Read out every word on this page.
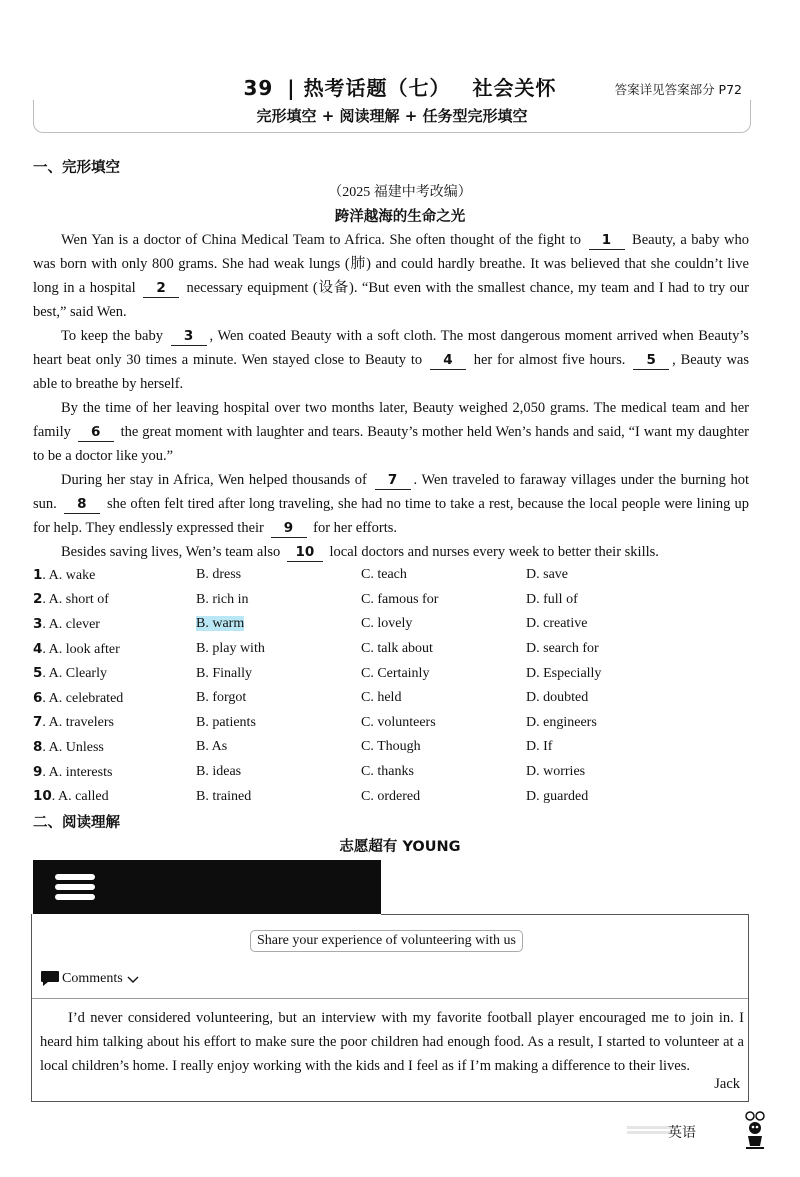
39 | 热考话题（七） 社会关怀	答案详见答案部分 P72
完形填空 + 阅读理解 + 任务型完形填空
一、完形填空
（2025 福建中考改编）
跨洋越海的生命之光

Wen Yan is a doctor of China Medical Team to Africa. She often thought of the fight to 1 Beauty, a baby who was born with only 800 grams. She had weak lungs (肺) and could hardly breathe. It was believed that she couldn’t live long in a hospital 2 necessary equipment (设备). “But even with the smallest chance, my team and I had to try our best,” said Wen.

To keep the baby 3 , Wen coated Beauty with a soft cloth. The most dangerous moment arrived when Beauty’s heart beat only 30 times a minute. Wen stayed close to Beauty to 4 her for almost five hours. 5 , Beauty was able to breathe by herself.

By the time of her leaving hospital over two months later, Beauty weighed 2,050 grams. The medical team and her family 6 the great moment with laughter and tears. Beauty’s mother held Wen’s hands and said, “I want my daughter to be a doctor like you.”

During her stay in Africa, Wen helped thousands of 7 . Wen traveled to faraway villages under the burning hot sun. 8 she often felt tired after long traveling, she had no time to take a rest, because the local people were lining up for help. They endlessly expressed their 9 for her efforts.

Besides saving lives, Wen’s team also 10 local doctors and nurses every week to better their skills.

1. A. wake	B. dress	C. teach	D. save
2. A. short of	B. rich in	C. famous for	D. full of
3. A. clever	B. warm	C. lovely	D. creative
4. A. look after	B. play with	C. talk about	D. search for
5. A. Clearly	B. Finally	C. Certainly	D. Especially
6. A. celebrated	B. forgot	C. held	D. doubted
7. A. travelers	B. patients	C. volunteers	D. engineers
8. A. Unless	B. As	C. Though	D. If
9. A. interests	B. ideas	C. thanks	D. worries
10. A. called	B. trained	C. ordered	D. guarded
二、阅读理解
志愿超有 YOUNG
Share your experience of volunteering with us
Comments

I’d never considered volunteering, but an interview with my favorite football player encouraged me to join in. I heard him talking about his effort to make sure the poor children had enough food. As a result, I started to volunteer at a local children’s home. I really enjoy working with the kids and I feel as if I’m making a difference to their lives.

Jack
英语
